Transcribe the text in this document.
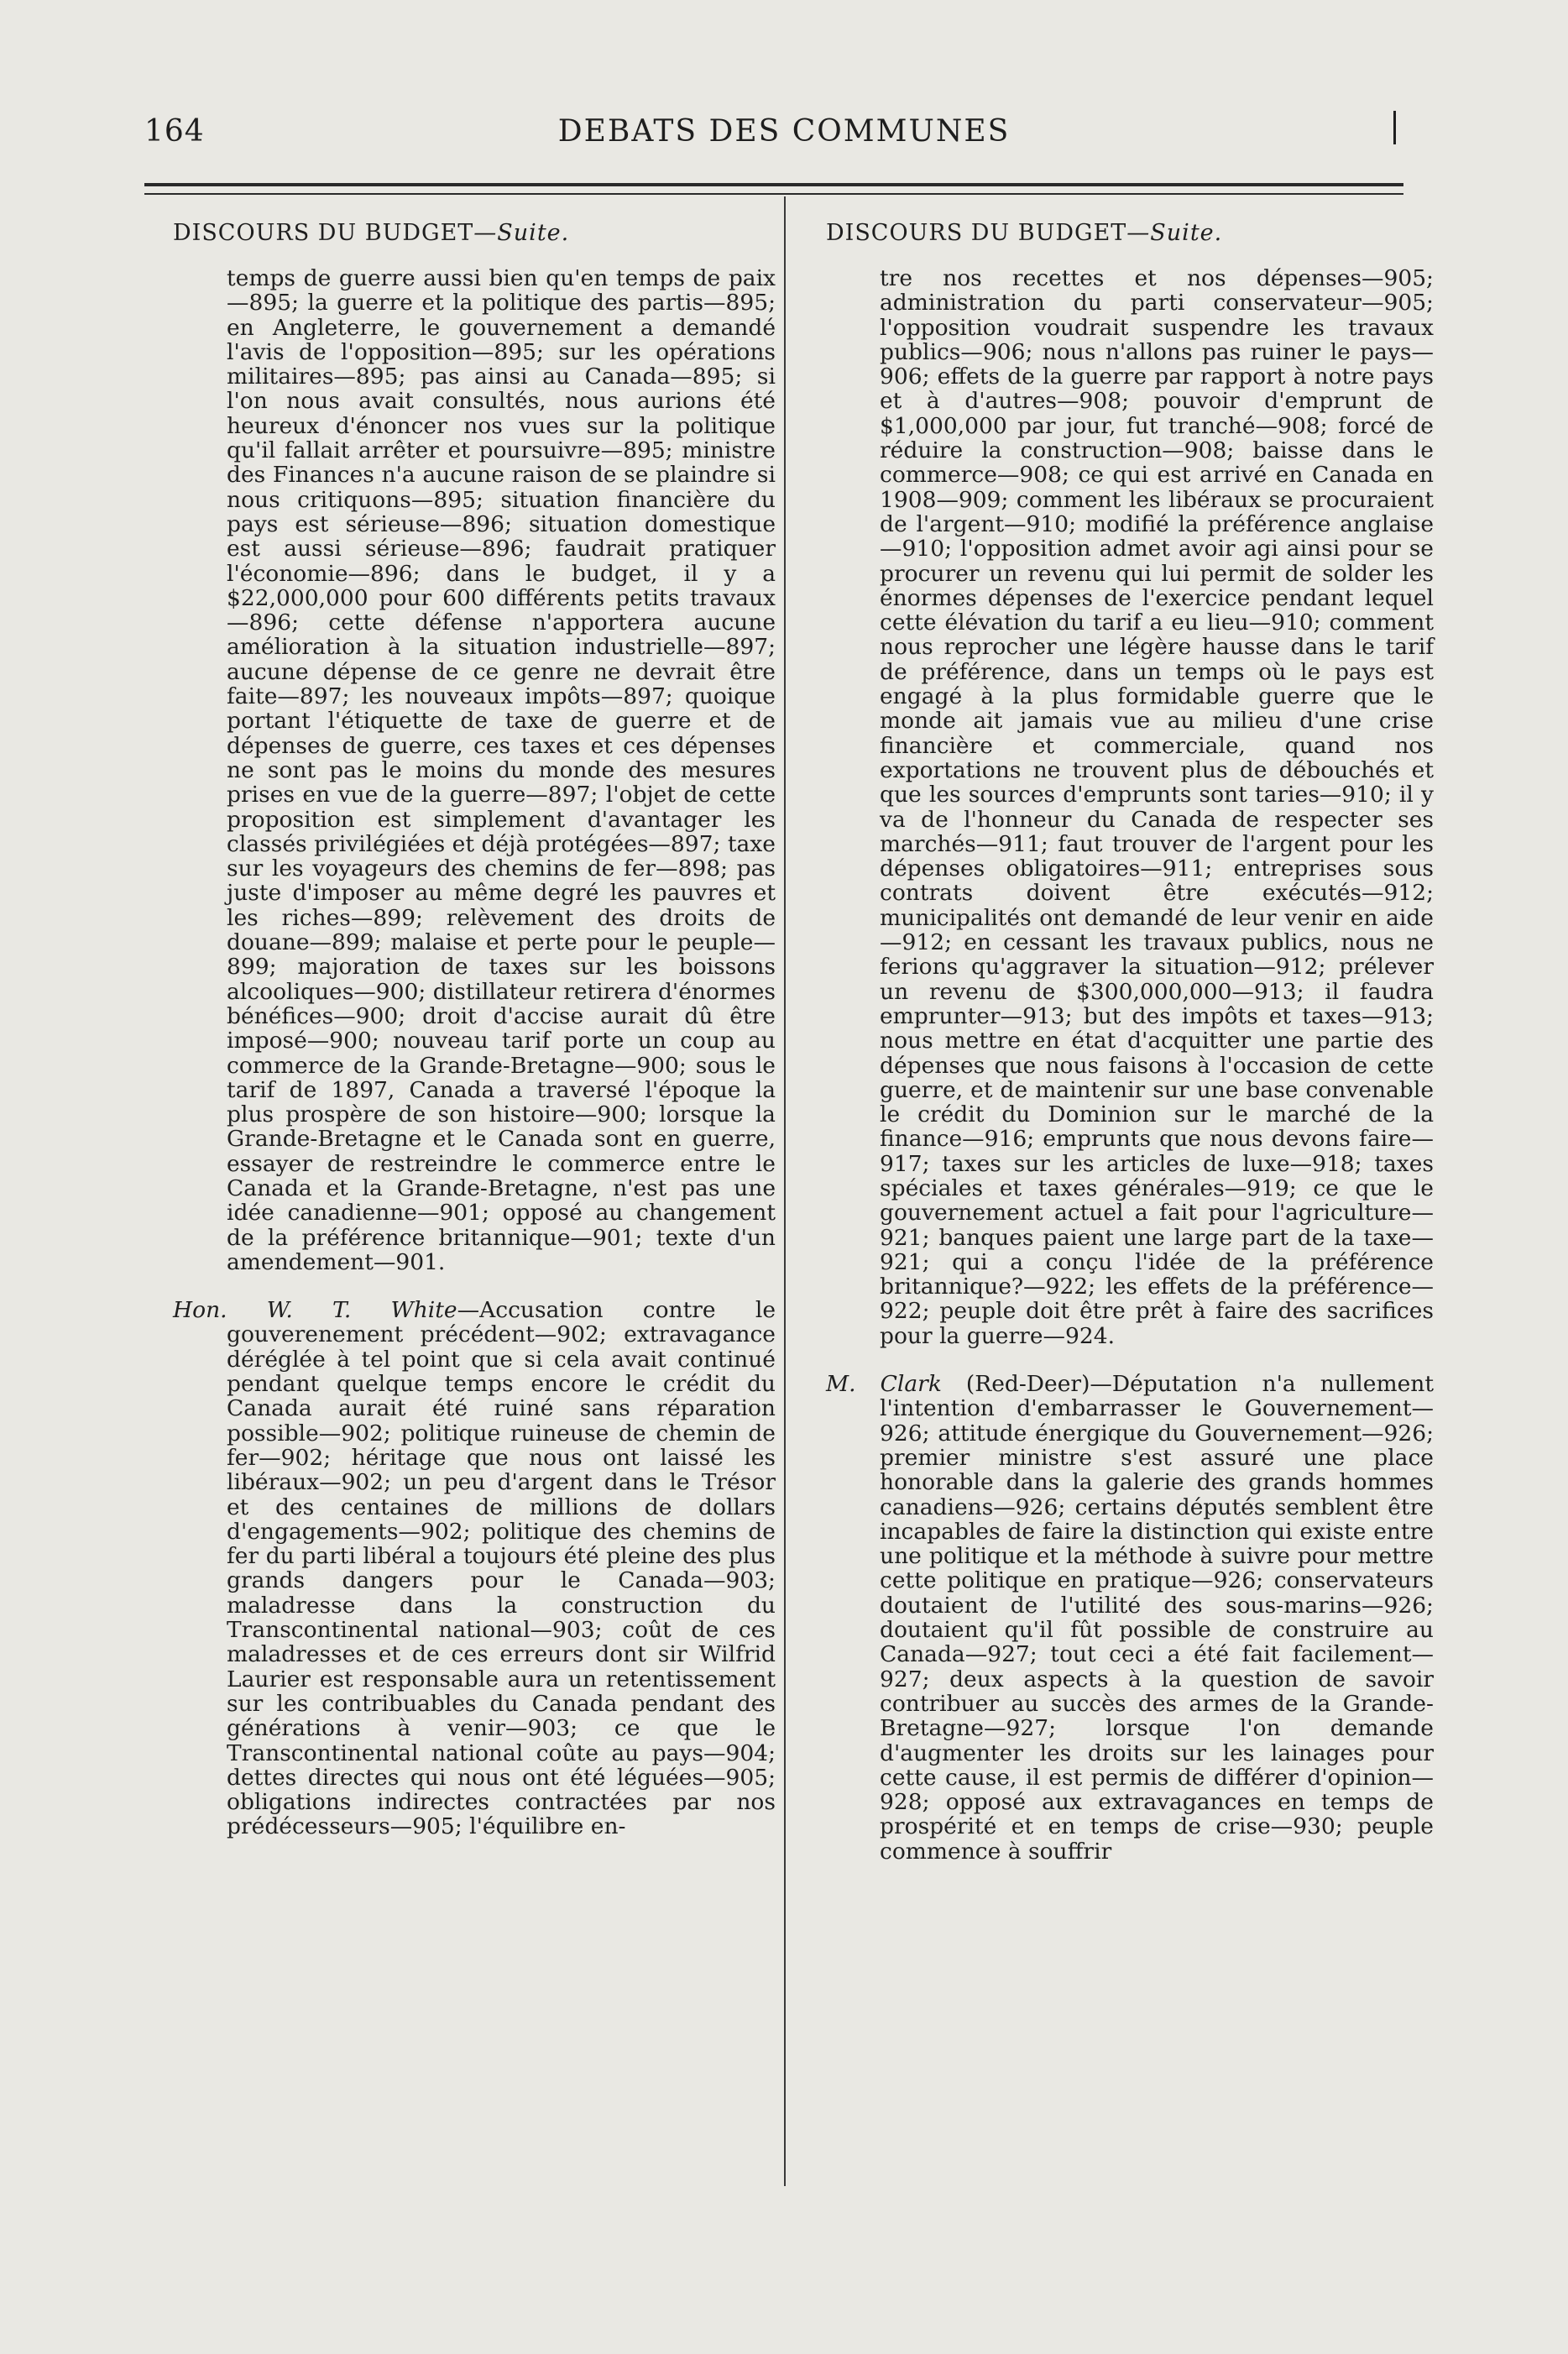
164	DEBATS DES COMMUNES
DISCOURS DU BUDGET—Suite.

temps de guerre aussi bien qu'en temps de paix—895; la guerre et la politique des partis—895; en Angleterre, le gouvernement a demandé l'avis de l'opposition—895; sur les opérations militaires—895; pas ainsi au Canada—895; si l'on nous avait consultés, nous aurions été heureux d'énoncer nos vues sur la politique qu'il fallait arrêter et poursuivre—895; ministre des Finances n'a aucune raison de se plaindre si nous critiquons—895; situation financière du pays est sérieuse—896; situation domestique est aussi sérieuse—896; faudrait pratiquer l'économie—896; dans le budget, il y a $22,000,000 pour 600 différents petits travaux—896; cette défense n'apportera aucune amélioration à la situation industrielle—897; aucune dépense de ce genre ne devrait être faite—897; les nouveaux impôts—897; quoique portant l'étiquette de taxe de guerre et de dépenses de guerre, ces taxes et ces dépenses ne sont pas le moins du monde des mesures prises en vue de la guerre—897; l'objet de cette proposition est simplement d'avantager les classés privilégiées et déjà protégées—897; taxe sur les voyageurs des chemins de fer—898; pas juste d'imposer au même degré les pauvres et les riches—899; relèvement des droits de douane—899; malaise et perte pour le peuple—899; majoration de taxes sur les boissons alcooliques—900; distillateur retirera d'énormes bénéfices—900; droit d'accise aurait dû être imposé—900; nouveau tarif porte un coup au commerce de la Grande-Bretagne—900; sous le tarif de 1897, Canada a traversé l'époque la plus prospère de son histoire—900; lorsque la Grande-Bretagne et le Canada sont en guerre, essayer de restreindre le commerce entre le Canada et la Grande-Bretagne, n'est pas une idée canadienne—901; opposé au changement de la préférence britannique—901; texte d'un amendement—901.

Hon. W. T. White—Accusation contre le gouverenement précédent—902; extravagance déréglée à tel point que si cela avait continué pendant quelque temps encore le crédit du Canada aurait été ruiné sans réparation possible—902; politique ruineuse de chemin de fer—902; héritage que nous ont laissé les libéraux—902; un peu d'argent dans le Trésor et des centaines de millions de dollars d'engagements—902; politique des chemins de fer du parti libéral a toujours été pleine des plus grands dangers pour le Canada—903; maladresse dans la construction du Transcontinental national—903; coût de ces maladresses et de ces erreurs dont sir Wilfrid Laurier est responsable aura un retentissement sur les contribuables du Canada pendant des générations à venir—903; ce que le Transcontinental national coûte au pays—904; dettes directes qui nous ont été léguées—905; obligations indirectes contractées par nos prédécesseurs—905; l'équilibre en-

DISCOURS DU BUDGET—Suite.

tre nos recettes et nos dépenses—905; administration du parti conservateur—905; l'opposition voudrait suspendre les travaux publics—906; nous n'allons pas ruiner le pays—906; effets de la guerre par rapport à notre pays et à d'autres—908; pouvoir d'emprunt de $1,000,000 par jour, fut tranché—908; forcé de réduire la construction—908; baisse dans le commerce—908; ce qui est arrivé en Canada en 1908—909; comment les libéraux se procuraient de l'argent—910; modifié la préférence anglaise—910; l'opposition admet avoir agi ainsi pour se procurer un revenu qui lui permit de solder les énormes dépenses de l'exercice pendant lequel cette élévation du tarif a eu lieu—910; comment nous reprocher une légère hausse dans le tarif de préférence, dans un temps où le pays est engagé à la plus formidable guerre que le monde ait jamais vue au milieu d'une crise financière et commerciale, quand nos exportations ne trouvent plus de débouchés et que les sources d'emprunts sont taries—910; il y va de l'honneur du Canada de respecter ses marchés—911; faut trouver de l'argent pour les dépenses obligatoires—911; entreprises sous contrats doivent être exécutés—912; municipalités ont demandé de leur venir en aide—912; en cessant les travaux publics, nous ne ferions qu'aggraver la situation—912; prélever un revenu de $300,000,000—913; il faudra emprunter—913; but des impôts et taxes—913; nous mettre en état d'acquitter une partie des dépenses que nous faisons à l'occasion de cette guerre, et de maintenir sur une base convenable le crédit du Dominion sur le marché de la finance—916; emprunts que nous devons faire—917; taxes sur les articles de luxe—918; taxes spéciales et taxes générales—919; ce que le gouvernement actuel a fait pour l'agriculture—921; banques paient une large part de la taxe—921; qui a conçu l'idée de la préférence britannique?—922; les effets de la préférence—922; peuple doit être prêt à faire des sacrifices pour la guerre—924.

M. Clark (Red-Deer)—Députation n'a nullement l'intention d'embarrasser le Gouvernement—926; attitude énergique du Gouvernement—926; premier ministre s'est assuré une place honorable dans la galerie des grands hommes canadiens—926; certains députés semblent être incapables de faire la distinction qui existe entre une politique et la méthode à suivre pour mettre cette politique en pratique—926; conservateurs doutaient de l'utilité des sous-marins—926; doutaient qu'il fût possible de construire au Canada—927; tout ceci a été fait facilement—927; deux aspects à la question de savoir contribuer au succès des armes de la Grande-Bretagne—927; lorsque l'on demande d'augmenter les droits sur les lainages pour cette cause, il est permis de différer d'opinion—928; opposé aux extravagances en temps de prospérité et en temps de crise—930; peuple commence à souffrir
